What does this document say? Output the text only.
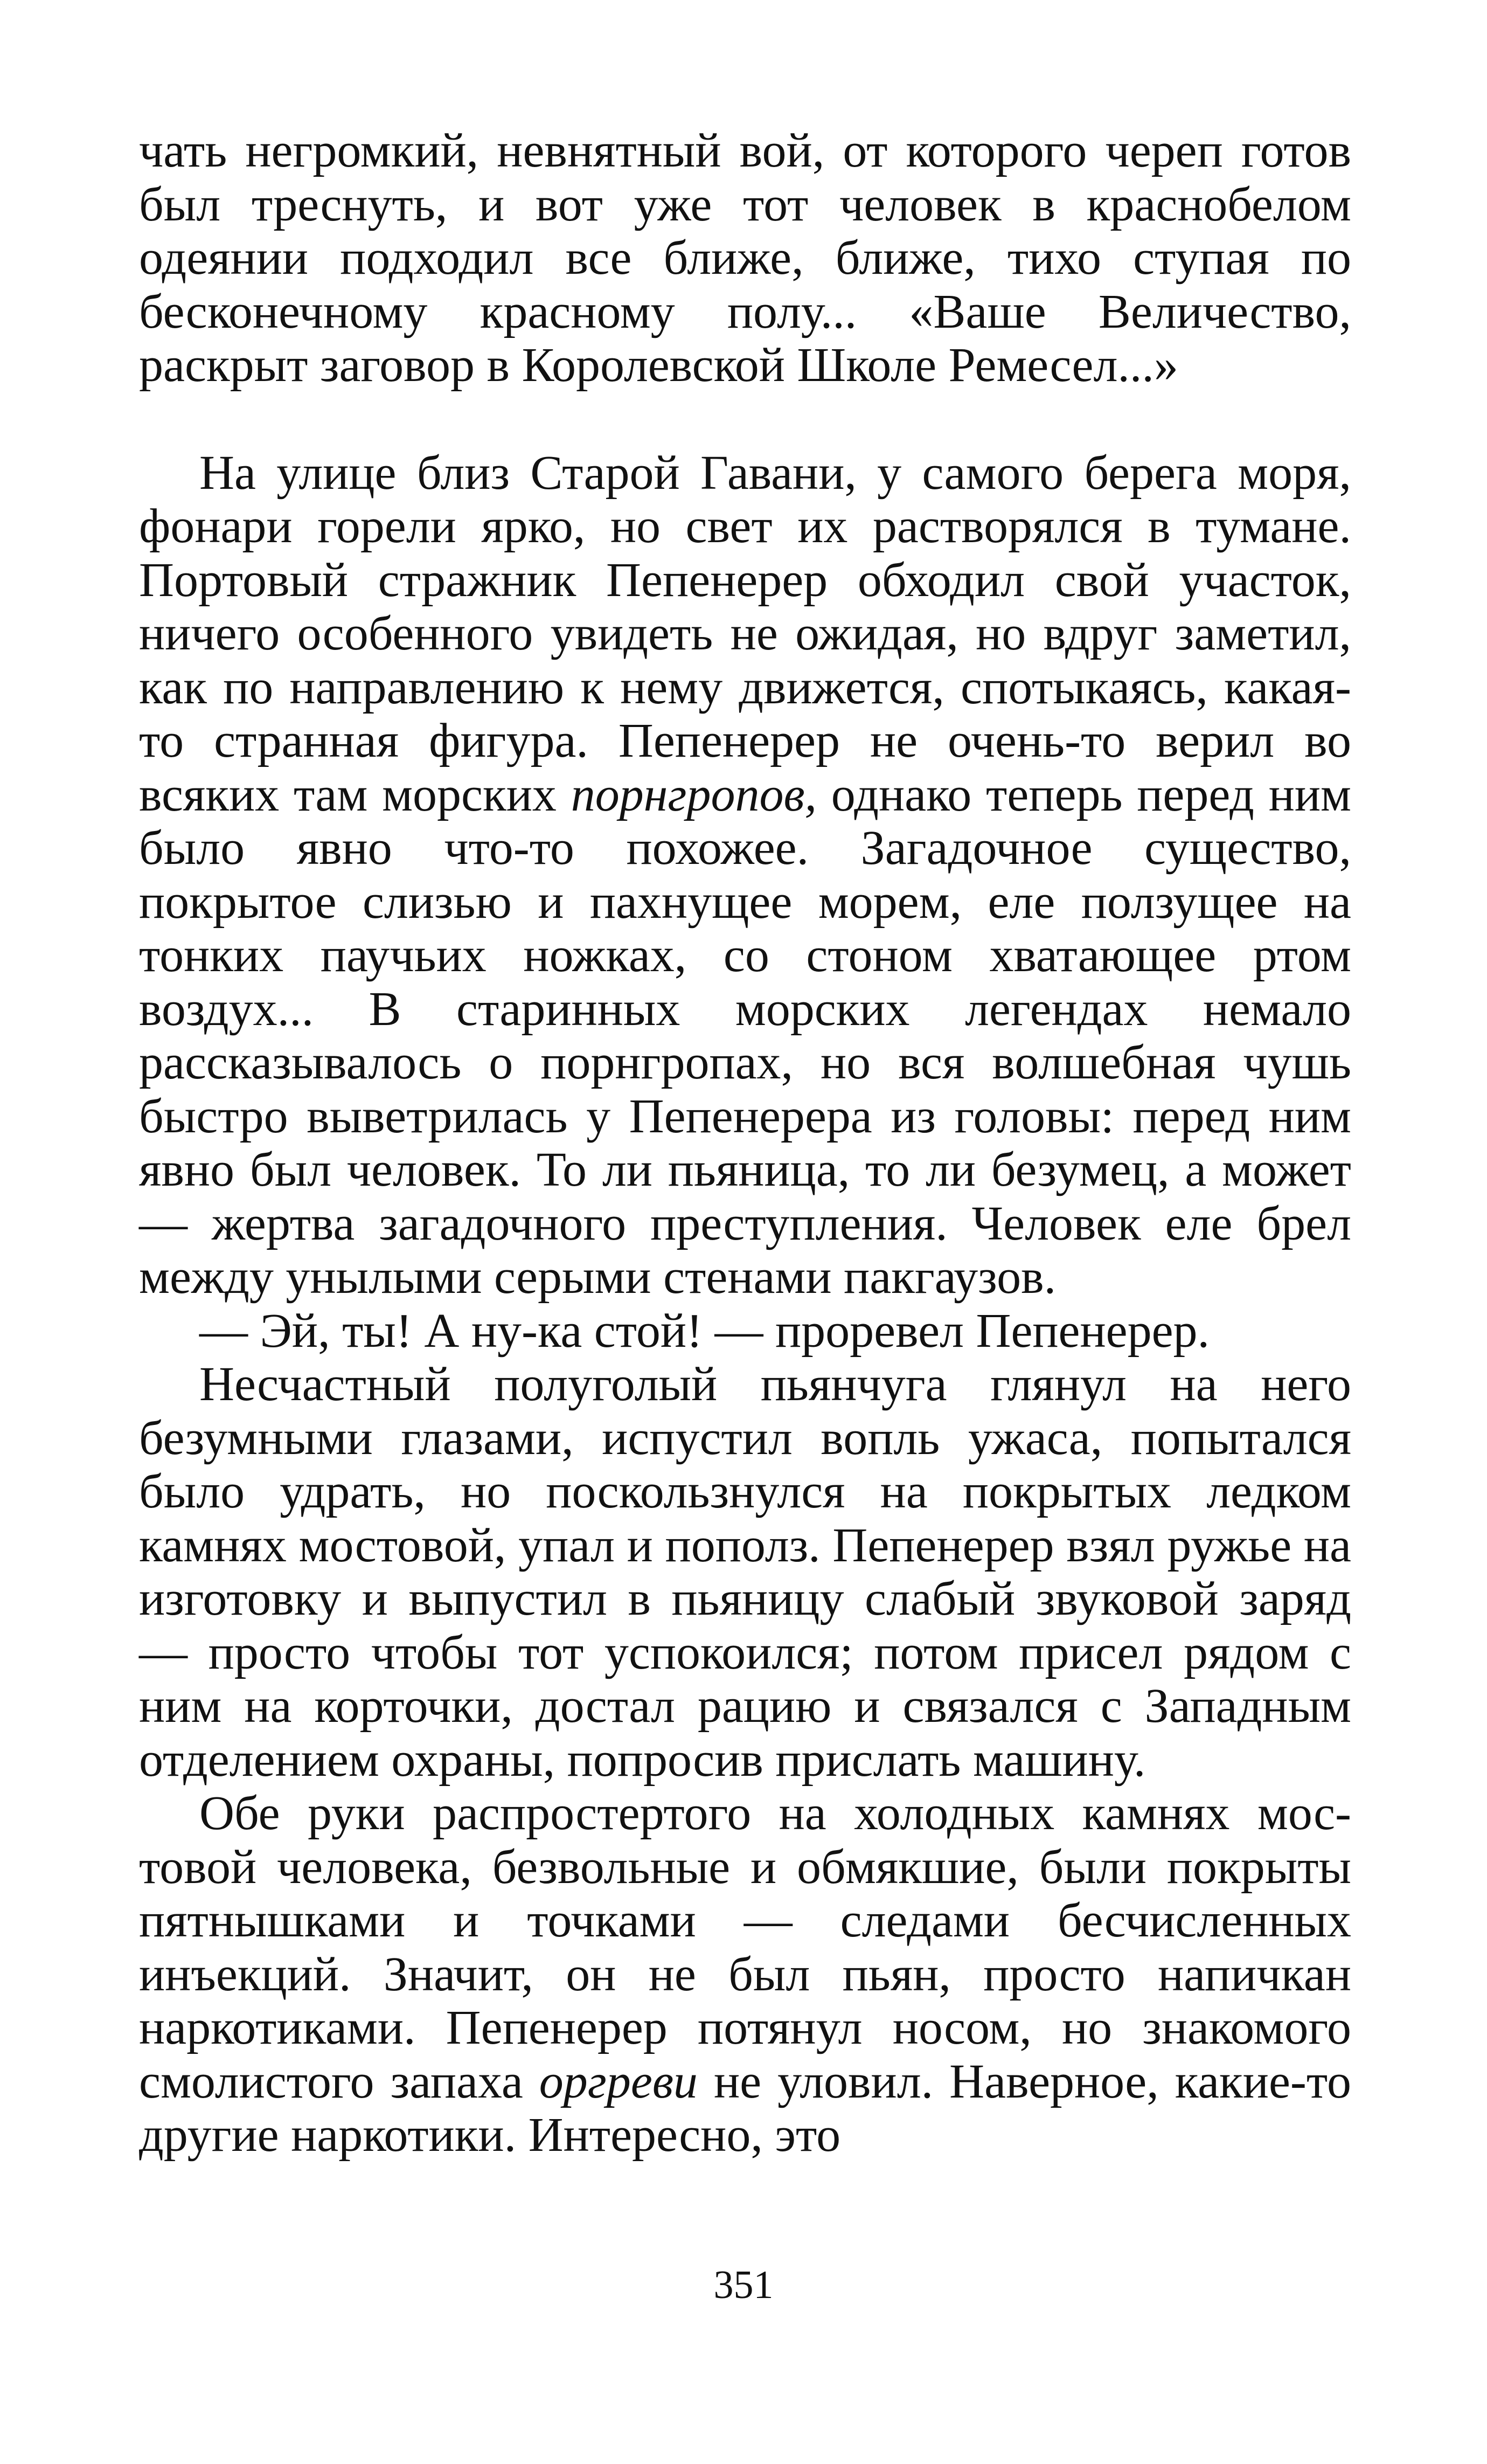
чать негромкий, невнятный вой, от которого череп готов был треснуть, и вот уже тот человек в краснобелом одеянии подходил все ближе, ближе, тихо ступая по бесконечному красному полу... «Ваше Величество, раскрыт заговор в Королевской Школе Ремесел...»

На улице близ Старой Гавани, у самого берега моря, фонари горели ярко, но свет их растворялся в тумане. Портовый стражник Пепенерер обходил свой участок, ничего особенного увидеть не ожидая, но вдруг заметил, как по направлению к нему движется, спотыкаясь, какая-то странная фигура. Пепенерер не очень-то верил во всяких там морских порнгропов, однако теперь перед ним было явно что-то похожее. Загадочное существо, покрытое слизью и пахнущее морем, еле ползущее на тонких паучьих ножках, со стоном хватающее ртом воздух... В старинных морских легендах немало рассказывалось о порнгропах, но вся волшебная чушь быстро выветрилась у Пепенерера из головы: перед ним явно был человек. То ли пьяница, то ли безумец, а может — жертва загадочного преступления. Человек еле брел между унылыми серыми стенами пакгаузов.

— Эй, ты! А ну-ка стой! — проревел Пепенерер.

Несчастный полуголый пьянчуга глянул на него безумными глазами, испустил вопль ужаса, попытался было удрать, но поскользнулся на покрытых ледком камнях мостовой, упал и пополз. Пепенерер взял ружье на изготовку и выпустил в пьяницу слабый звуковой заряд — просто чтобы тот успокоился; потом присел рядом с ним на корточки, достал рацию и связался с Западным отделением охраны, попросив прислать машину.

Обе руки распростертого на холодных камнях мостовой человека, безвольные и обмякшие, были покрыты пятнышками и точками — следами бесчисленных инъекций. Значит, он не был пьян, просто напичкан наркотиками. Пепенерер потянул носом, но знакомого смолистого запаха оргреви не уловил. Наверное, какие-то другие наркотики. Интересно, это

351
